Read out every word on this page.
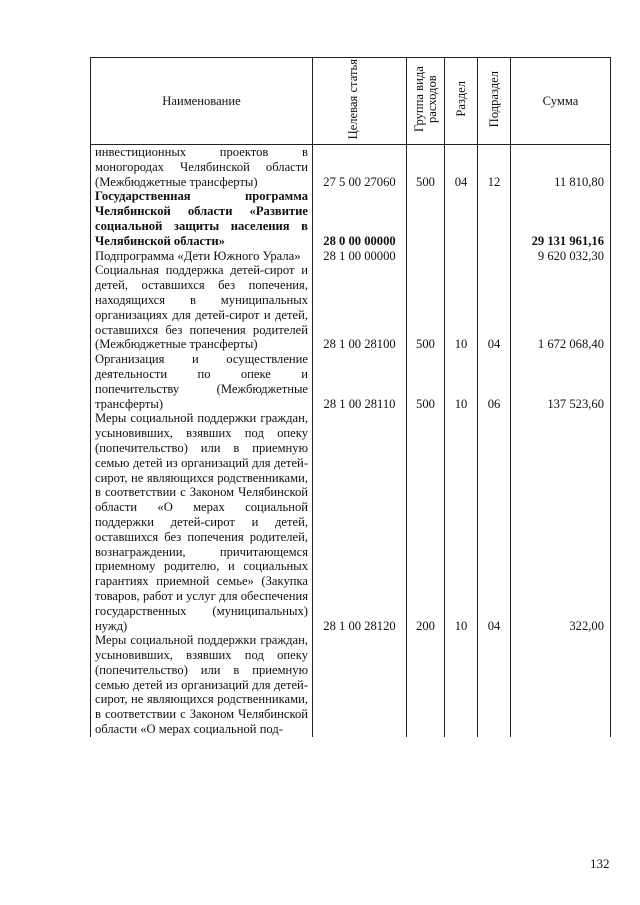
Наименование	Целевая статья	Группа вида расходов	Раздел	Подраздел	Сумма
инвестиционных проектов в моногородах Челябинской области (Межбюджетные трансферты)	27 5 00 27060	500	04	12	11 810,80
Государственная программа Челябинской области «Развитие социальной защиты населения в Челябинской области»	28 0 00 00000				29 131 961,16
Подпрограмма «Дети Южного Урала»	28 1 00 00000				9 620 032,30
Социальная поддержка детей-сирот и детей, оставшихся без попечения, находящихся в муниципальных организациях для детей-сирот и детей, оставшихся без попечения родителей (Межбюджетные трансферты)	28 1 00 28100	500	10	04	1 672 068,40
Организация и осуществление деятельности по опеке и попечительству (Межбюджетные трансферты)	28 1 00 28110	500	10	06	137 523,60
Меры социальной поддержки граждан, усыновивших, взявших под опеку (попечительство) или в приемную семью детей из организаций для детей-сирот, не являющихся родственниками, в соответствии с Законом Челябинской области «О мерах социальной поддержки детей-сирот и детей, оставшихся без попечения родителей, вознаграждении, причитающемся приемному родителю, и социальных гарантиях приемной семье» (Закупка товаров, работ и услуг для обеспечения государственных (муниципальных) нужд)	28 1 00 28120	200	10	04	322,00
Меры социальной поддержки граждан, усыновивших, взявших под опеку (попечительство) или в приемную семью детей из организаций для детей-сирот, не являющихся родственниками, в соответствии с Законом Челябинской области «О мерах социальной под-					
132
